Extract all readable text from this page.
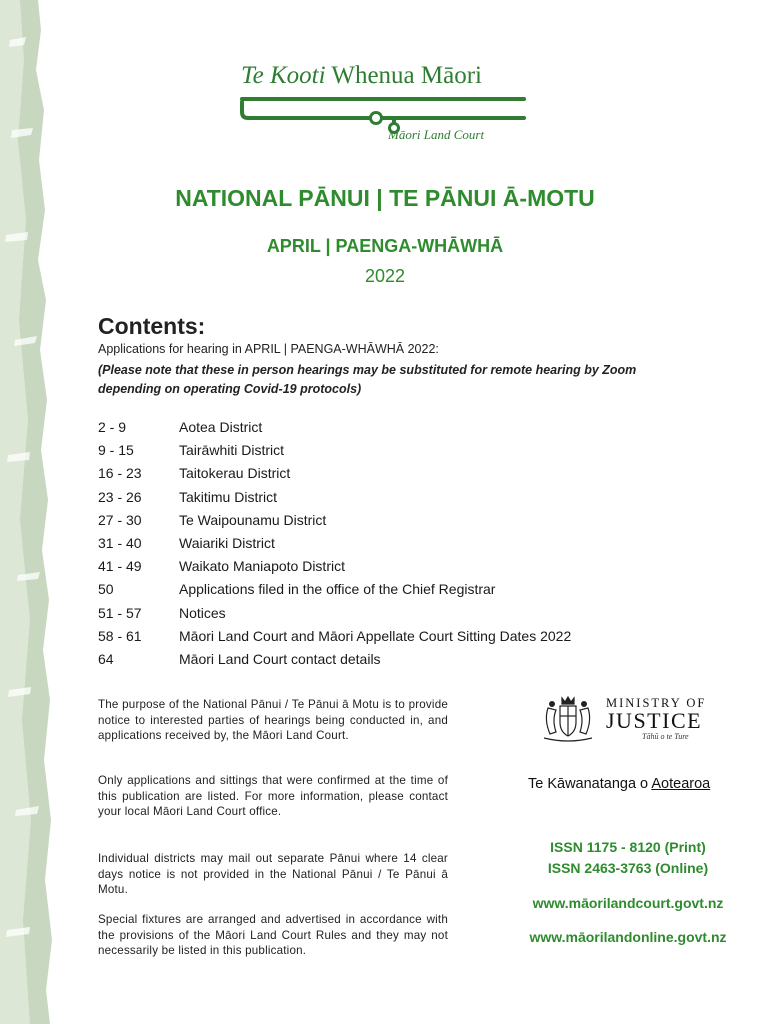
Te Kooti Whenua Māori
Māori Land Court
NATIONAL PĀNUI | TE PĀNUI Ā-MOTU
APRIL | PAENGA-WHĀWHĀ
2022
Contents:
Applications for hearing in APRIL | PAENGA-WHĀWHĀ 2022:
(Please note that these in person hearings may be substituted for remote hearing by Zoom depending on operating Covid-19 protocols)
2 - 9	Aotea District
9 - 15	Tairāwhiti District
16 - 23	Taitokerau District
23 - 26	Takitimu District
27 - 30	Te Waipounamu District
31 - 40	Waiariki District
41 - 49	Waikato Maniapoto District
50	Applications filed in the office of the Chief Registrar
51 - 57	Notices
58 - 61	Māori Land Court and Māori Appellate Court Sitting Dates 2022
64	Māori Land Court contact details
The purpose of the National Pānui / Te Pānui ā Motu is to provide notice to interested parties of hearings being conducted in, and applications received by, the Māori Land Court.
Only applications and sittings that were confirmed at the time of this publication are listed. For more information, please contact your local Māori Land Court office.
Individual districts may mail out separate Pānui where 14 clear days notice is not provided in the National Pānui / Te Pānui ā Motu.
Special fixtures are arranged and advertised in accordance with the provisions of the Māori Land Court Rules and they may not necessarily be listed in this publication.
MINISTRY OF
JUSTICE
Tāhū o te Ture
Te Kāwanatanga o Aotearoa
ISSN 1175 - 8120 (Print)
ISSN 2463-3763 (Online)
www.māorilandcourt.govt.nz
www.māorilandonline.govt.nz
